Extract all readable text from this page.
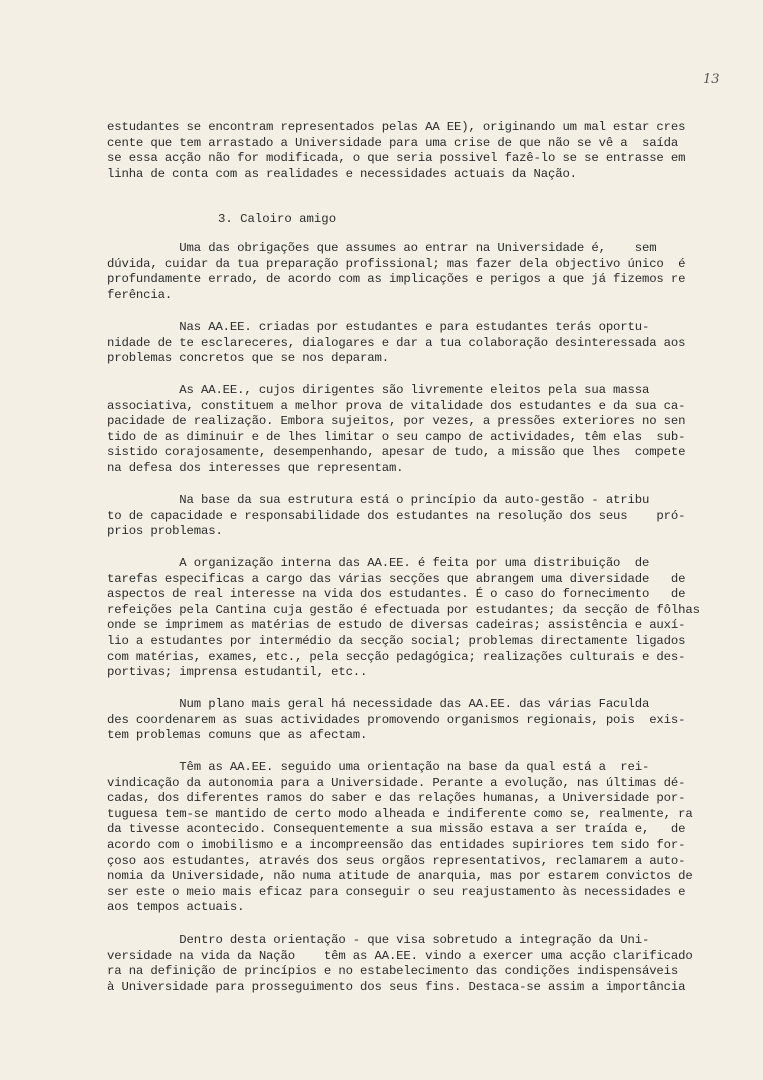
13
estudantes se encontram representados pelas AA EE), originando um mal estar cres
cente que tem arrastado a Universidade para uma crise de que não se vê a  saída
se essa acção não for modificada, o que seria possivel fazê-lo se se entrasse em
linha de conta com as realidades e necessidades actuais da Nação.
3. Caloiro amigo
Uma das obrigações que assumes ao entrar na Universidade é,    sem
dúvida, cuidar da tua preparação profissional; mas fazer dela objectivo único  é
profundamente errado, de acordo com as implicações e perigos a que já fizemos re
ferência.
Nas AA.EE. criadas por estudantes e para estudantes terás oportu-
nidade de te esclareceres, dialogares e dar a tua colaboração desinteressada aos
problemas concretos que se nos deparam.
As AA.EE., cujos dirigentes são livremente eleitos pela sua massa
associativa, constituem a melhor prova de vitalidade dos estudantes e da sua ca-
pacidade de realização. Embora sujeitos, por vezes, a pressões exteriores no sen
tido de as diminuir e de lhes limitar o seu campo de actividades, têm elas  sub-
sistido corajosamente, desempenhando, apesar de tudo, a missão que lhes  compete
na defesa dos interesses que representam.
Na base da sua estrutura está o princípio da auto-gestão - atribu
to de capacidade e responsabilidade dos estudantes na resolução dos seus    pró-
prios problemas.
A organização interna das AA.EE. é feita por uma distribuição  de
tarefas especificas a cargo das várias secções que abrangem uma diversidade   de
aspectos de real interesse na vida dos estudantes. É o caso do fornecimento   de
refeições pela Cantina cuja gestão é efectuada por estudantes; da secção de fôlhas
onde se imprimem as matérias de estudo de diversas cadeiras; assistência e auxí-
lio a estudantes por intermédio da secção social; problemas directamente ligados
com matérias, exames, etc., pela secção pedagógica; realizações culturais e des-
portivas; imprensa estudantil, etc..
Num plano mais geral há necessidade das AA.EE. das várias Faculda
des coordenarem as suas actividades promovendo organismos regionais, pois  exis-
tem problemas comuns que as afectam.
Têm as AA.EE. seguido uma orientação na base da qual está a  rei-
vindicação da autonomia para a Universidade. Perante a evolução, nas últimas dé-
cadas, dos diferentes ramos do saber e das relações humanas, a Universidade por-
tuguesa tem-se mantido de certo modo alheada e indiferente como se, realmente, ra
da tivesse acontecido. Consequentemente a sua missão estava a ser traída e,   de
acordo com o imobilismo e a incompreensão das entidades supiriores tem sido for-
çoso aos estudantes, através dos seus orgãos representativos, reclamarem a auto-
nomia da Universidade, não numa atitude de anarquia, mas por estarem convictos de
ser este o meio mais eficaz para conseguir o seu reajustamento às necessidades e
aos tempos actuais.
Dentro desta orientação - que visa sobretudo a integração da Uni-
versidade na vida da Nação    têm as AA.EE. vindo a exercer uma acção clarificado
ra na definição de princípios e no estabelecimento das condições indispensáveis
à Universidade para prosseguimento dos seus fins. Destaca-se assim a importância
